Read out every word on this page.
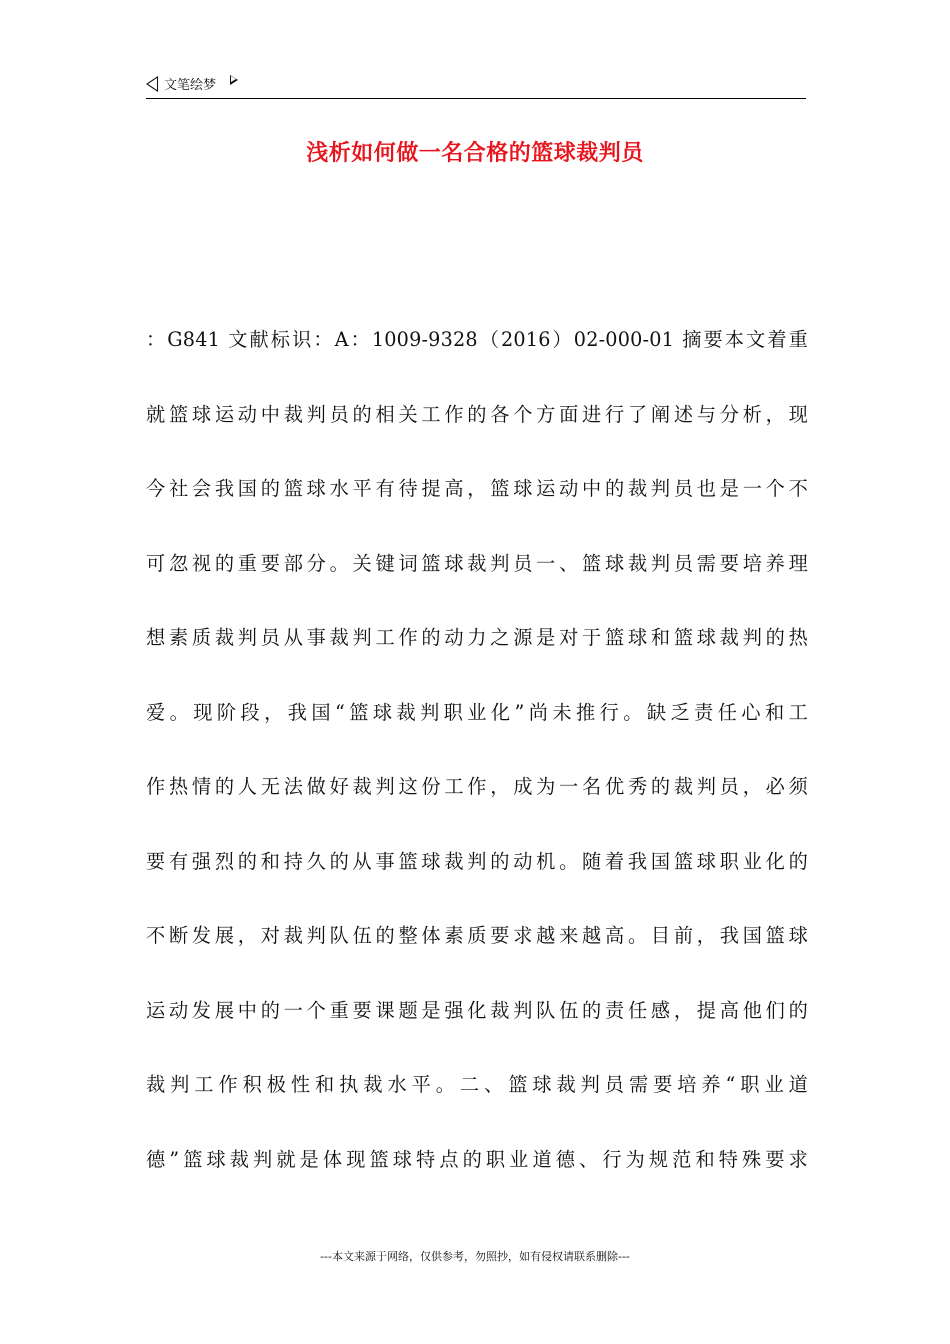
文笔绘梦
浅析如何做一名合格的篮球裁判员
：G841 文献标识：A：1009-9328（2016）02-000-01 摘要本文着重
就篮球运动中裁判员的相关工作的各个方面进行了阐述与分析，现
今社会我国的篮球水平有待提高，篮球运动中的裁判员也是一个不
可忽视的重要部分。关键词篮球裁判员一、篮球裁判员需要培养理
想素质裁判员从事裁判工作的动力之源是对于篮球和篮球裁判的热
爱。现阶段，我国“篮球裁判职业化”尚未推行。缺乏责任心和工
作热情的人无法做好裁判这份工作，成为一名优秀的裁判员，必须
要有强烈的和持久的从事篮球裁判的动机。随着我国篮球职业化的
不断发展，对裁判队伍的整体素质要求越来越高。目前，我国篮球
运动发展中的一个重要课题是强化裁判队伍的责任感，提高他们的
裁判工作积极性和执裁水平。二、篮球裁判员需要培养“职业道
德”篮球裁判就是体现篮球特点的职业道德、行为规范和特殊要求
---本文来源于网络，仅供参考，勿照抄，如有侵权请联系删除---
